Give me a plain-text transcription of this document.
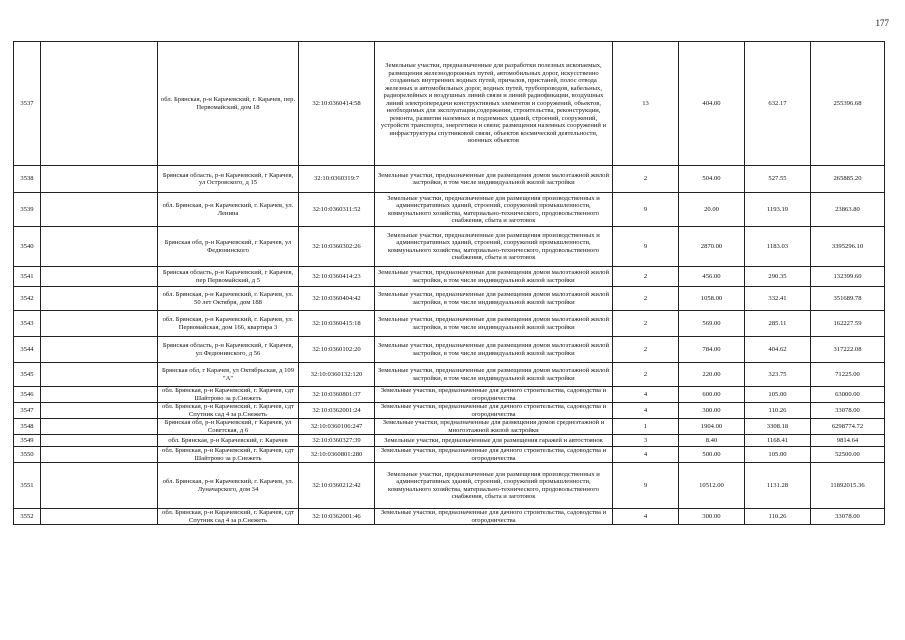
177
3537		обл. Брянская, р-н Карачевский, г. Карачев, пер. Первомайский, дом 18	32:10:0360414:58	Земельные участки, предназначенные для разработки полезных ископаемых, размещения железнодорожных путей, автомобильных дорог, искусственно созданных внутренних водных путей, причалов, пристаней, полос отвода железных и автомобильных дорог, водных путей, трубопроводов, кабельных, радиорелейных и воздушных линий связи и линий радиофикации, воздушных линий электропередачи конструктивных элементов и сооружений, объектов, необходимых для эксплуатации,содержания, строительства, реконструкции, ремонта, развития наземных и подземных зданий, строений, сооружений, устройств транспорта, энергетики и связи; размещения наземных сооружений и инфраструктуры спутниковой связи, объектов космической деятельности, военных объектов	13	404.00	632.17	255396.68
3538		Брянская область, р-н Карачевский, г Карачев, ул Островского, д 15	32:10:0360319:7	Земельные участки, предназначенные для размещения домов малоэтажной жилой застройки, в том числе индивидуальной жилой застройки	2	504.00	527.55	265885.20
3539		обл. Брянская, р-н Карачевский, г. Карачев, ул. Ленина	32:10:0360311:52	Земельные участки, предназначенные для размещения производственных и административных зданий, строений, сооружений промышленности, коммунального хозяйства, материально-технического, продовольственного снабжения, сбыта и заготовок	9	20.00	1193.19	23863.80
3540		Брянская обл, р-н Карачевский, г Карачев, ул Федюнинского	32:10:0360302:26	Земельные участки, предназначенные для размещения производственных и административных зданий, строений, сооружений промышленности, коммунального хозяйства, материально-технического, продовольственного снабжения, сбыта и заготовок	9	2870.00	1183.03	3395296.10
3541		Брянская область, р-н Карачевский, г Карачев, пер Первомайский, д 5	32:10:0360414:23	Земельные участки, предназначенные для размещения домов малоэтажной жилой застройки, в том числе индивидуальной жилой застройки	2	456.00	290.35	132399.60
3542		обл. Брянская, р-н Карачевский, г. Карачев, ул. 50 лет Октября, дом 188	32:10:0360404:42	Земельные участки, предназначенные для размещения домов малоэтажной жилой застройки, в том числе индивидуальной жилой застройки	2	1058.00	332.41	351689.78
3543		обл. Брянская, р-н Карачевский, г. Карачев, ул. Первомайская, дом 166, квартира 3	32:10:0360415:18	Земельные участки, предназначенные для размещения домов малоэтажной жилой застройки, в том числе индивидуальной жилой застройки	2	569.00	285.11	162227.59
3544		Брянская область, р-н Карачевский, г Карачев, ул Федюнинского, д 56	32:10:0360102:20	Земельные участки, предназначенные для размещения домов малоэтажной жилой застройки, в том числе индивидуальной жилой застройки	2	784.00	404.62	317222.08
3545		Брянская обл, г Карачев, ул Октябрьская, д 109 "А"	32:10:0360132:120	Земельные участки, предназначенные для размещения домов малоэтажной жилой застройки, в том числе индивидуальной жилой застройки	2	220.00	323.75	71225.00
3546		обл. Брянская, р-н Карачевский, г. Карачев, сдт Шайтрово за р.Снежеть	32:10:0360801:37	Земельные участки, предназначенные для дачного строительства, садоводства и огородничества	4	600.00	105.00	63000.00
3547		обл. Брянская, р-н Карачевский, г. Карачев, сдт Спутник сад 4 за р.Снежеть	32:10:0362001:24	Земельные участки, предназначенные для дачного строительства, садоводства и огородничества	4	300.00	110.26	33078.00
3548		Брянская обл, р-н Карачевский, г Карачев, ул Советская, д 6	32:10:0360106:247	Земельные участки, предназначенные для размещения домов среднеэтажной и многоэтажной жилой застройки	1	1904.00	3308.18	6298774.72
3549		обл. Брянская, р-н Карачевский, г. Карачев	32:10:0360327:39	Земельные участки, предназначенные для размещения гаражей и автостоянок	3	8.40	1168.41	9814.64
3550		обл. Брянская, р-н Карачевский, г. Карачев, сдт Шайтрово за р.Снежеть	32:10:0360801:280	Земельные участки, предназначенные для дачного строительства, садоводства и огородничества	4	500.00	105.00	52500.00
3551		обл. Брянская, р-н Карачевский, г. Карачев, ул. Луначарского, дом 34	32:10:0360212:42	Земельные участки, предназначенные для размещения производственных и административных зданий, строений, сооружений промышленности, коммунального хозяйства, материально-технического, продовольственного снабжения, сбыта и заготовок	9	10512.00	1131.28	11892015.36
3552		обл. Брянская, р-н Карачевский, г. Карачев, сдт Спутник сад 4 за р.Снежеть	32:10:0362001:46	Земельные участки, предназначенные для дачного строительства, садоводства и огородничества	4	300.00	110.26	33078.00
